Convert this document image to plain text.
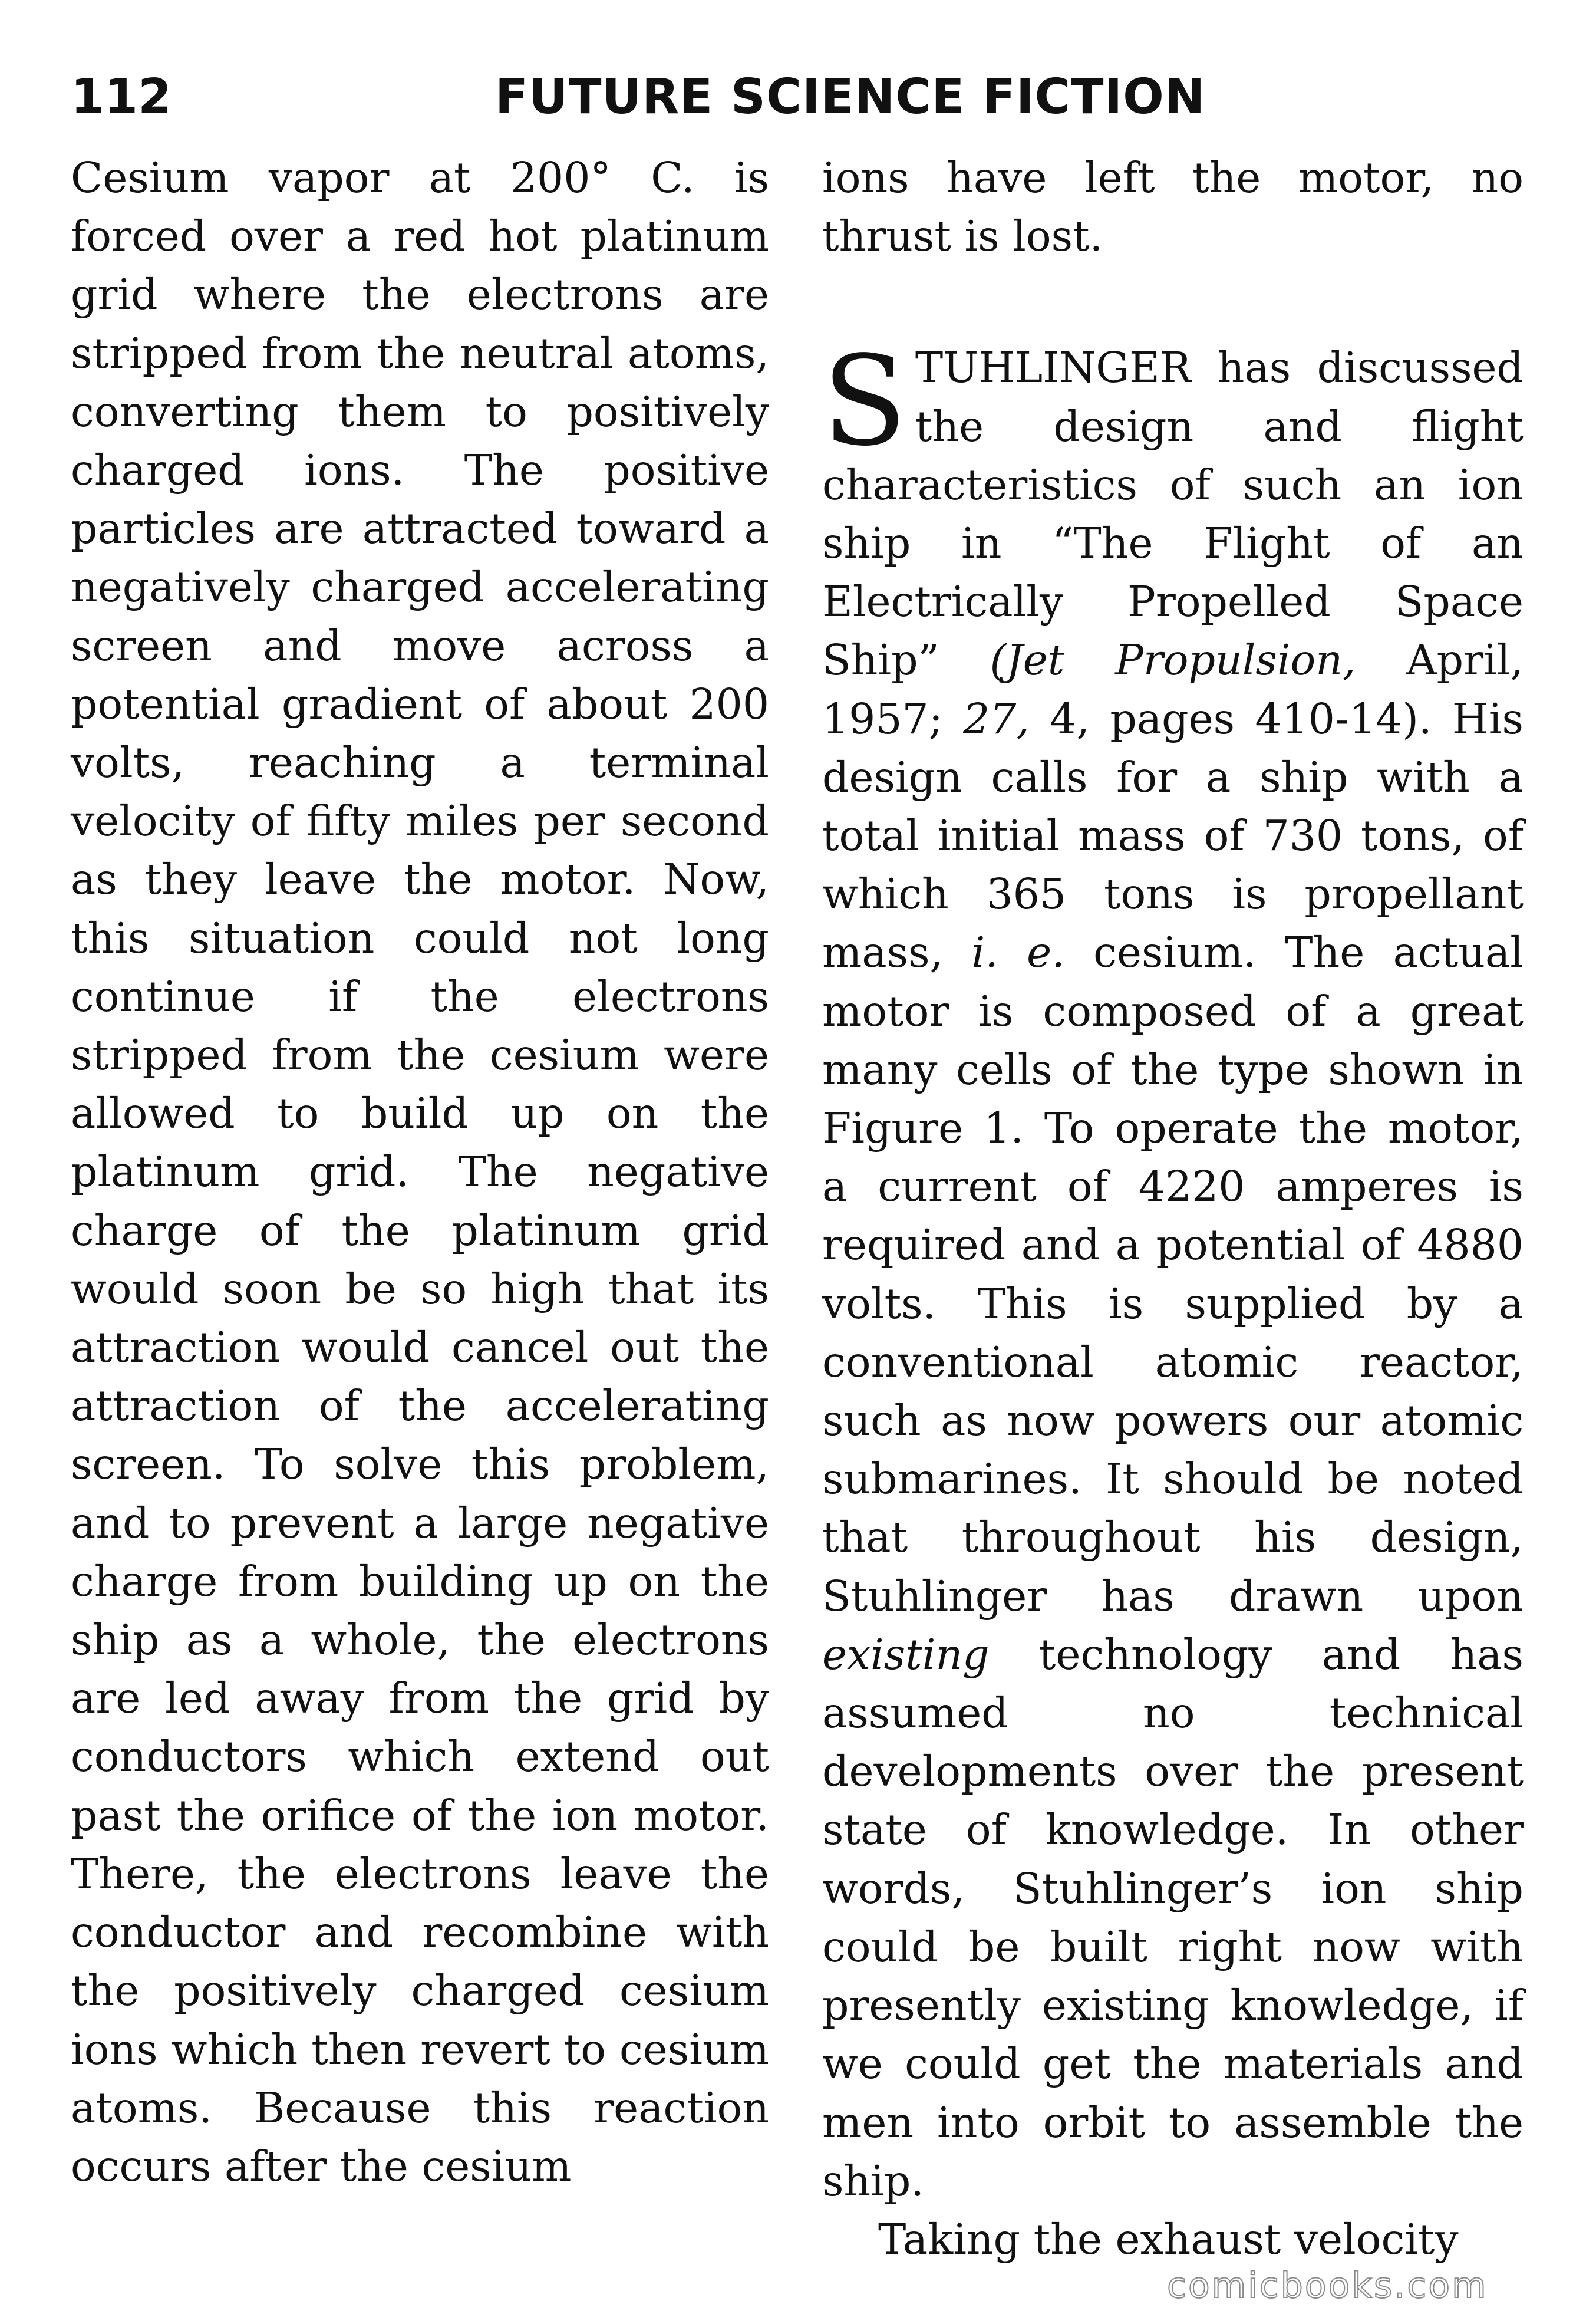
112	FUTURE SCIENCE FICTION

Cesium vapor at 200° C. is forced over a red hot platinum grid where the electrons are stripped from the neutral atoms, converting them to positively charged ions. The positive particles are attracted toward a negatively charged accelerating screen and move across a potential gradient of about 200 volts, reaching a terminal velocity of fifty miles per second as they leave the motor. Now, this situation could not long continue if the electrons stripped from the cesium were allowed to build up on the platinum grid. The negative charge of the platinum grid would soon be so high that its attraction would cancel out the attraction of the accelerating screen. To solve this problem, and to prevent a large negative charge from building up on the ship as a whole, the electrons are led away from the grid by conductors which extend out past the orifice of the ion motor. There, the electrons leave the conductor and recombine with the positively charged cesium ions which then revert to cesium atoms. Because this reaction occurs after the cesium

ions have left the motor, no thrust is lost.

STUHLINGER has discussed the design and flight characteristics of such an ion ship in “The Flight of an Electrically Propelled Space Ship” (Jet Propulsion, April, 1957; 27, 4, pages 410-14). His design calls for a ship with a total initial mass of 730 tons, of which 365 tons is propellant mass, i. e. cesium. The actual motor is composed of a great many cells of the type shown in Figure 1. To operate the motor, a current of 4220 amperes is required and a potential of 4880 volts. This is supplied by a conventional atomic reactor, such as now powers our atomic submarines. It should be noted that throughout his design, Stuhlinger has drawn upon existing technology and has assumed no technical developments over the present state of knowledge. In other words, Stuhlinger’s ion ship could be built right now with presently existing knowledge, if we could get the materials and men into orbit to assemble the ship.

Taking the exhaust velocity

comicbooks.com
